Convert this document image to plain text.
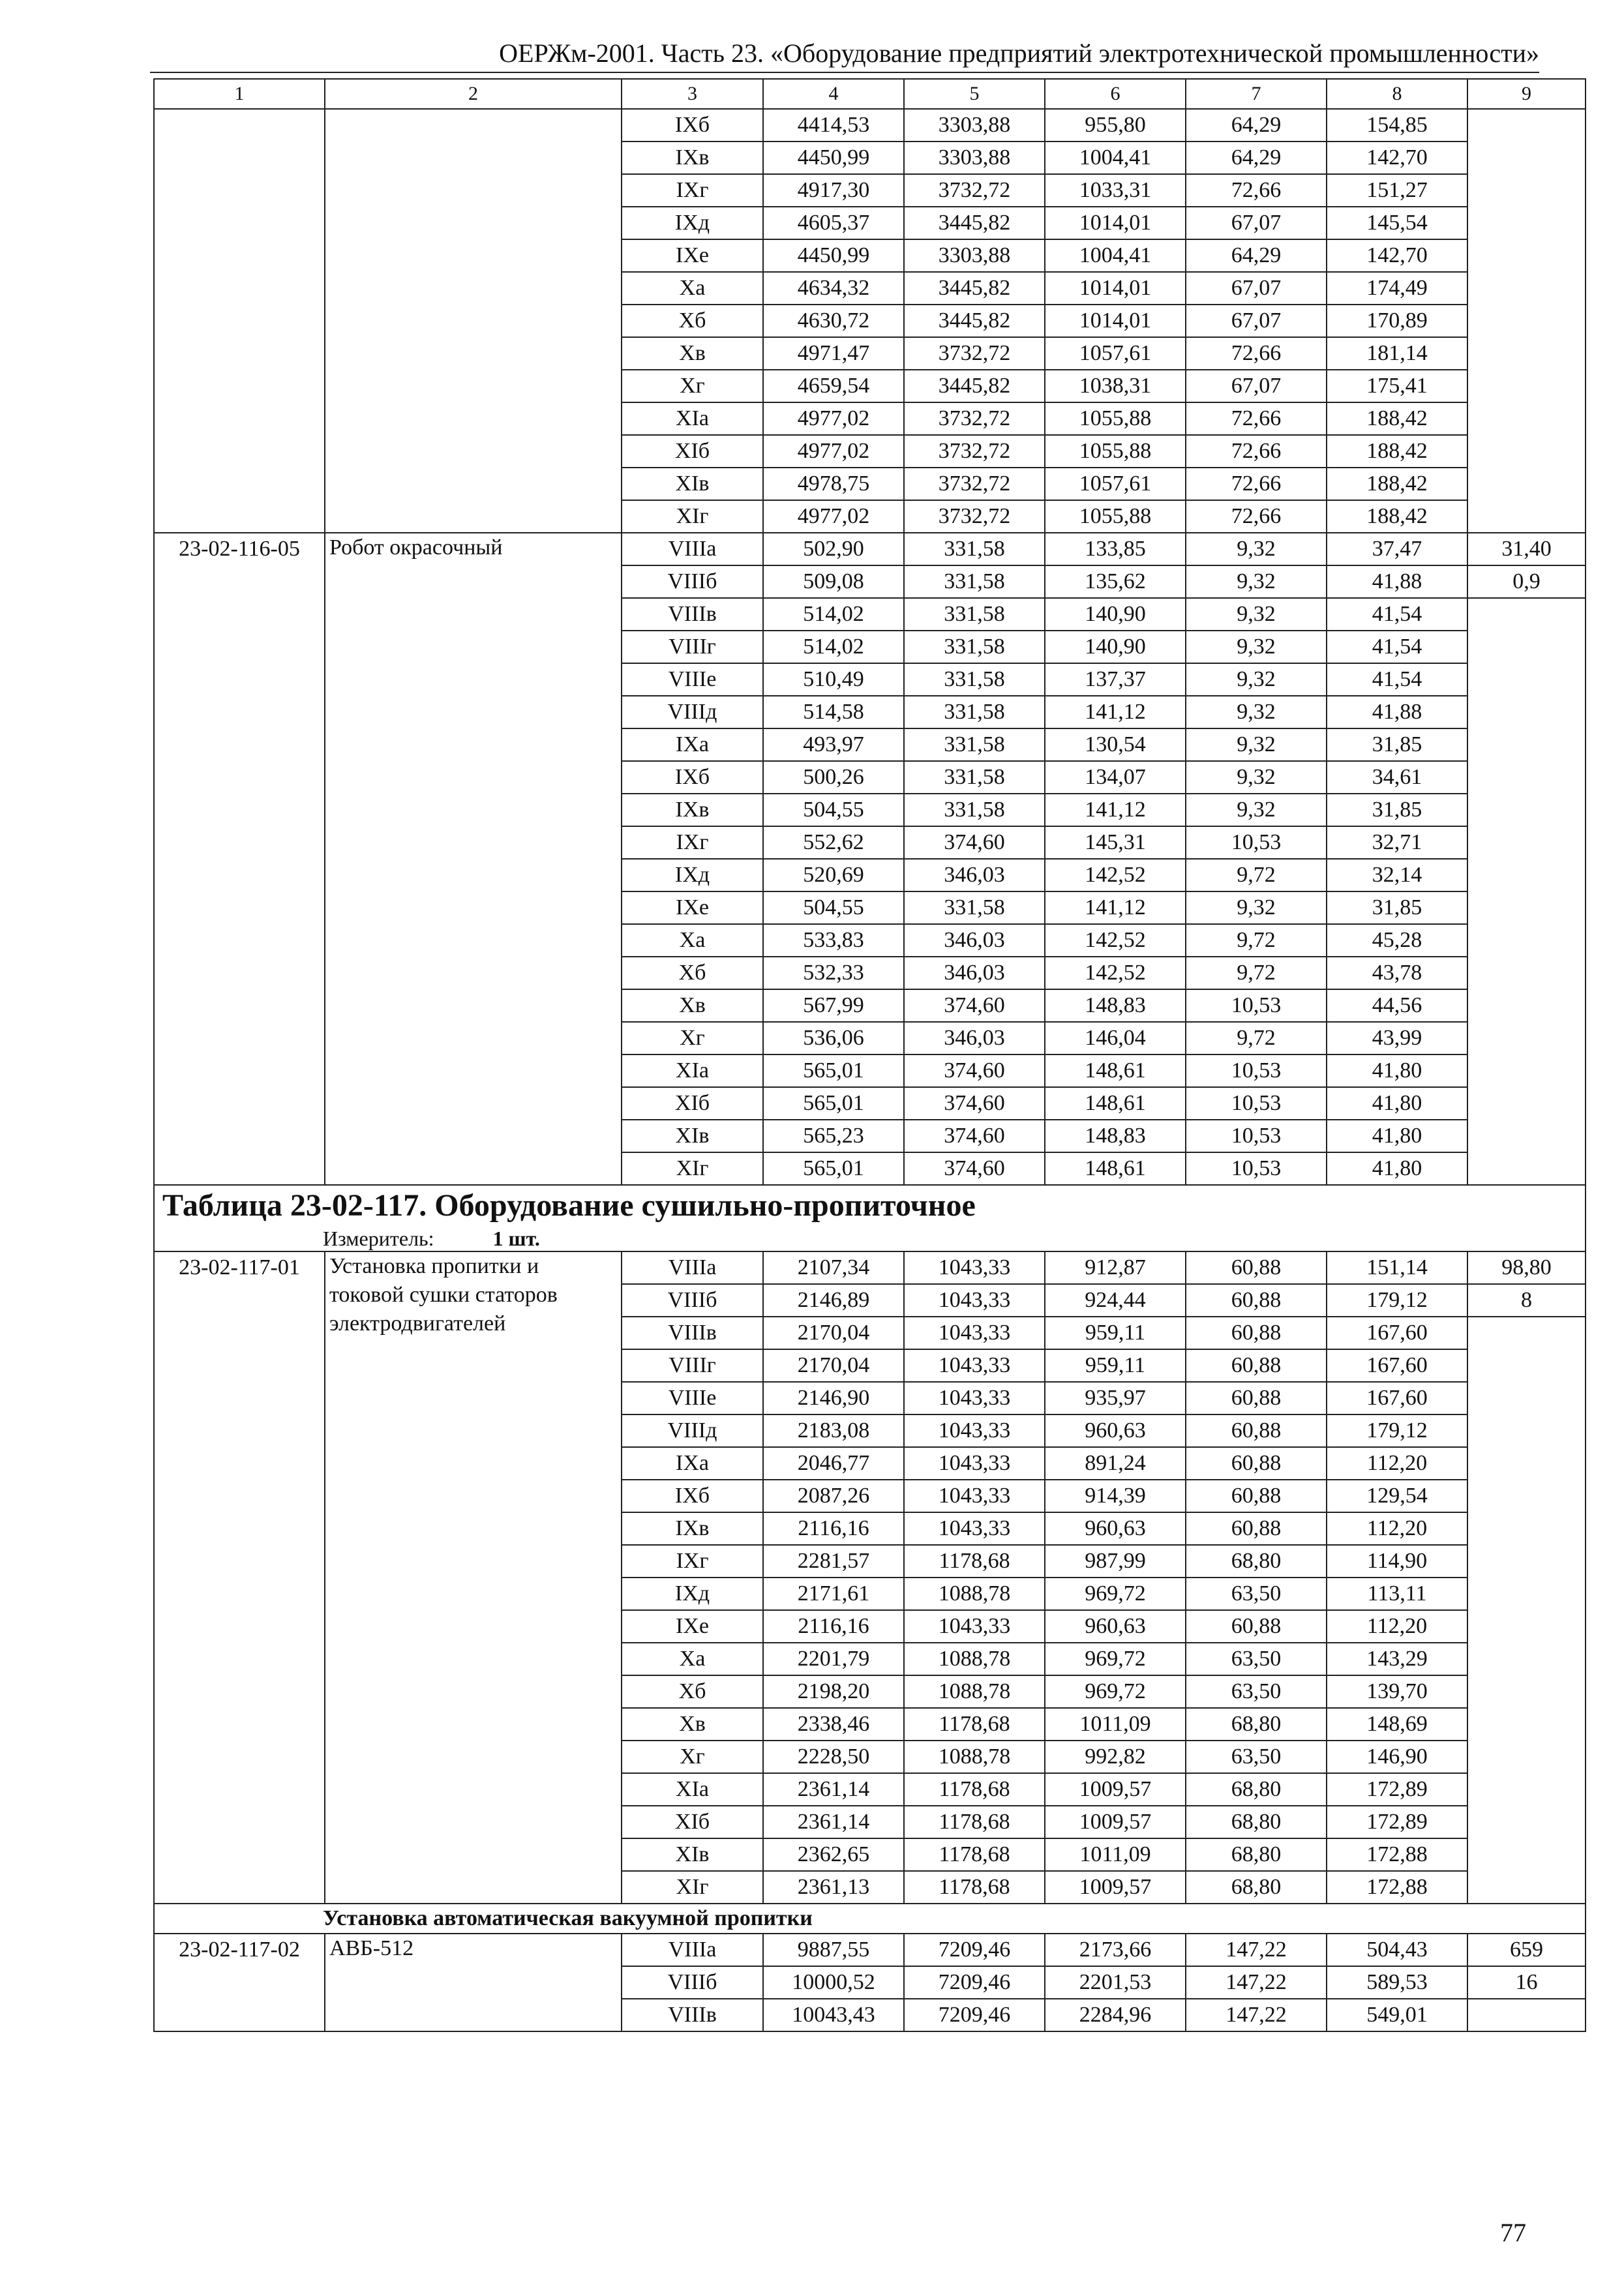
ОЕРЖм-2001. Часть 23. «Оборудование предприятий электротехнической промышленности»
1	2	3	4	5	6	7	8	9
		IXб	4414,53	3303,88	955,80	64,29	154,85	
		IXв	4450,99	3303,88	1004,41	64,29	142,70	
		IXг	4917,30	3732,72	1033,31	72,66	151,27	
		IXд	4605,37	3445,82	1014,01	67,07	145,54	
		IXе	4450,99	3303,88	1004,41	64,29	142,70	
		Xа	4634,32	3445,82	1014,01	67,07	174,49	
		Xб	4630,72	3445,82	1014,01	67,07	170,89	
		Xв	4971,47	3732,72	1057,61	72,66	181,14	
		Xг	4659,54	3445,82	1038,31	67,07	175,41	
		XIа	4977,02	3732,72	1055,88	72,66	188,42	
		XIб	4977,02	3732,72	1055,88	72,66	188,42	
		XIв	4978,75	3732,72	1057,61	72,66	188,42	
		XIг	4977,02	3732,72	1055,88	72,66	188,42	
23-02-116-05	Робот окрасочный	VIIIа	502,90	331,58	133,85	9,32	37,47	31,40
		VIIIб	509,08	331,58	135,62	9,32	41,88	0,9
		VIIIв	514,02	331,58	140,90	9,32	41,54	
		VIIIг	514,02	331,58	140,90	9,32	41,54	
		VIIIе	510,49	331,58	137,37	9,32	41,54	
		VIIIд	514,58	331,58	141,12	9,32	41,88	
		IXа	493,97	331,58	130,54	9,32	31,85	
		IXб	500,26	331,58	134,07	9,32	34,61	
		IXв	504,55	331,58	141,12	9,32	31,85	
		IXг	552,62	374,60	145,31	10,53	32,71	
		IXд	520,69	346,03	142,52	9,72	32,14	
		IXе	504,55	331,58	141,12	9,32	31,85	
		Xа	533,83	346,03	142,52	9,72	45,28	
		Xб	532,33	346,03	142,52	9,72	43,78	
		Xв	567,99	374,60	148,83	10,53	44,56	
		Xг	536,06	346,03	146,04	9,72	43,99	
		XIа	565,01	374,60	148,61	10,53	41,80	
		XIб	565,01	374,60	148,61	10,53	41,80	
		XIв	565,23	374,60	148,83	10,53	41,80	
		XIг	565,01	374,60	148,61	10,53	41,80	
Таблица 23-02-117. Оборудование сушильно-пропиточное								
Измеритель: 1 шт.								
23-02-117-01	Установка пропитки и токовой сушки статоров электродвигателей	VIIIа	2107,34	1043,33	912,87	60,88	151,14	98,80
		VIIIб	2146,89	1043,33	924,44	60,88	179,12	8
		VIIIв	2170,04	1043,33	959,11	60,88	167,60	
		VIIIг	2170,04	1043,33	959,11	60,88	167,60	
		VIIIе	2146,90	1043,33	935,97	60,88	167,60	
		VIIIд	2183,08	1043,33	960,63	60,88	179,12	
		IXа	2046,77	1043,33	891,24	60,88	112,20	
		IXб	2087,26	1043,33	914,39	60,88	129,54	
		IXв	2116,16	1043,33	960,63	60,88	112,20	
		IXг	2281,57	1178,68	987,99	68,80	114,90	
		IXд	2171,61	1088,78	969,72	63,50	113,11	
		IXе	2116,16	1043,33	960,63	60,88	112,20	
		Xа	2201,79	1088,78	969,72	63,50	143,29	
		Xб	2198,20	1088,78	969,72	63,50	139,70	
		Xв	2338,46	1178,68	1011,09	68,80	148,69	
		Xг	2228,50	1088,78	992,82	63,50	146,90	
		XIа	2361,14	1178,68	1009,57	68,80	172,89	
		XIб	2361,14	1178,68	1009,57	68,80	172,89	
		XIв	2362,65	1178,68	1011,09	68,80	172,88	
		XIг	2361,13	1178,68	1009,57	68,80	172,88	
Установка автоматическая вакуумной пропитки								
23-02-117-02	АВБ-512	VIIIа	9887,55	7209,46	2173,66	147,22	504,43	659
		VIIIб	10000,52	7209,46	2201,53	147,22	589,53	16
		VIIIв	10043,43	7209,46	2284,96	147,22	549,01	
77
